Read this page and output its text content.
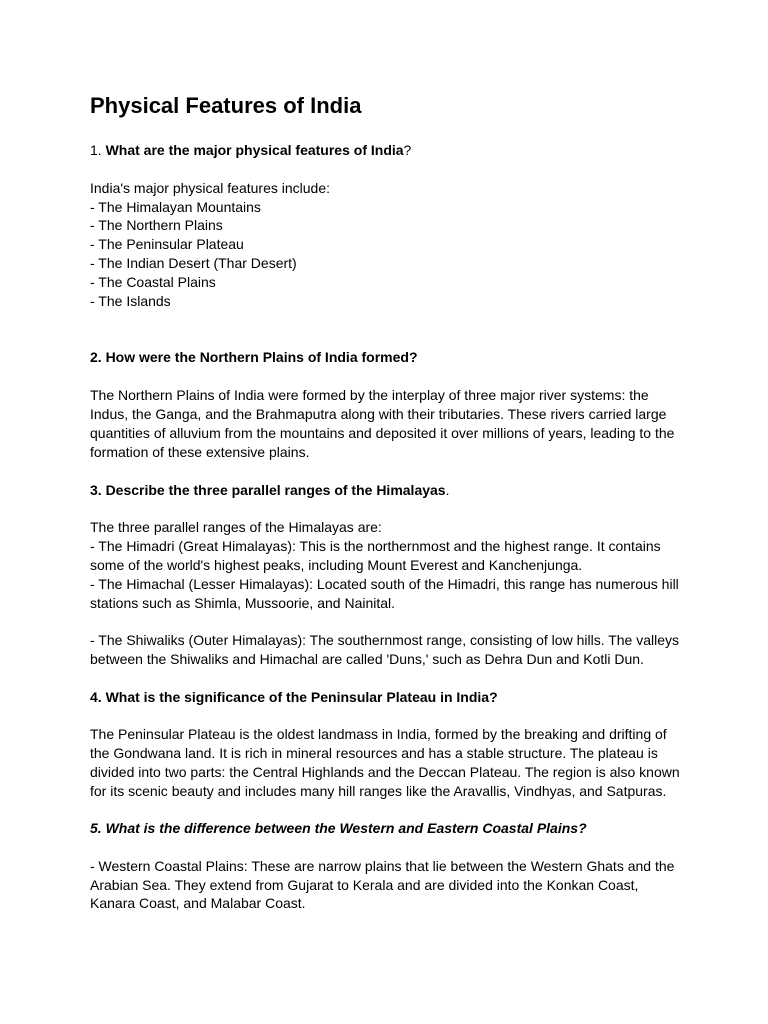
Physical Features of India
1. What are the major physical features of India?
India's major physical features include:
- The Himalayan Mountains
- The Northern Plains
- The Peninsular Plateau
- The Indian Desert (Thar Desert)
- The Coastal Plains
- The Islands
2. How were the Northern Plains of India formed?
The Northern Plains of India were formed by the interplay of three major river systems: the
Indus, the Ganga, and the Brahmaputra along with their tributaries. These rivers carried large
quantities of alluvium from the mountains and deposited it over millions of years, leading to the
formation of these extensive plains.
3. Describe the three parallel ranges of the Himalayas.
The three parallel ranges of the Himalayas are:
- The Himadri (Great Himalayas): This is the northernmost and the highest range. It contains
some of the world's highest peaks, including Mount Everest and Kanchenjunga.
- The Himachal (Lesser Himalayas): Located south of the Himadri, this range has numerous hill
stations such as Shimla, Mussoorie, and Nainital.
- The Shiwaliks (Outer Himalayas): The southernmost range, consisting of low hills. The valleys
between the Shiwaliks and Himachal are called 'Duns,' such as Dehra Dun and Kotli Dun.
4. What is the significance of the Peninsular Plateau in India?
The Peninsular Plateau is the oldest landmass in India, formed by the breaking and drifting of
the Gondwana land. It is rich in mineral resources and has a stable structure. The plateau is
divided into two parts: the Central Highlands and the Deccan Plateau. The region is also known
for its scenic beauty and includes many hill ranges like the Aravallis, Vindhyas, and Satpuras.
5. What is the difference between the Western and Eastern Coastal Plains?
- Western Coastal Plains: These are narrow plains that lie between the Western Ghats and the
Arabian Sea. They extend from Gujarat to Kerala and are divided into the Konkan Coast,
Kanara Coast, and Malabar Coast.
